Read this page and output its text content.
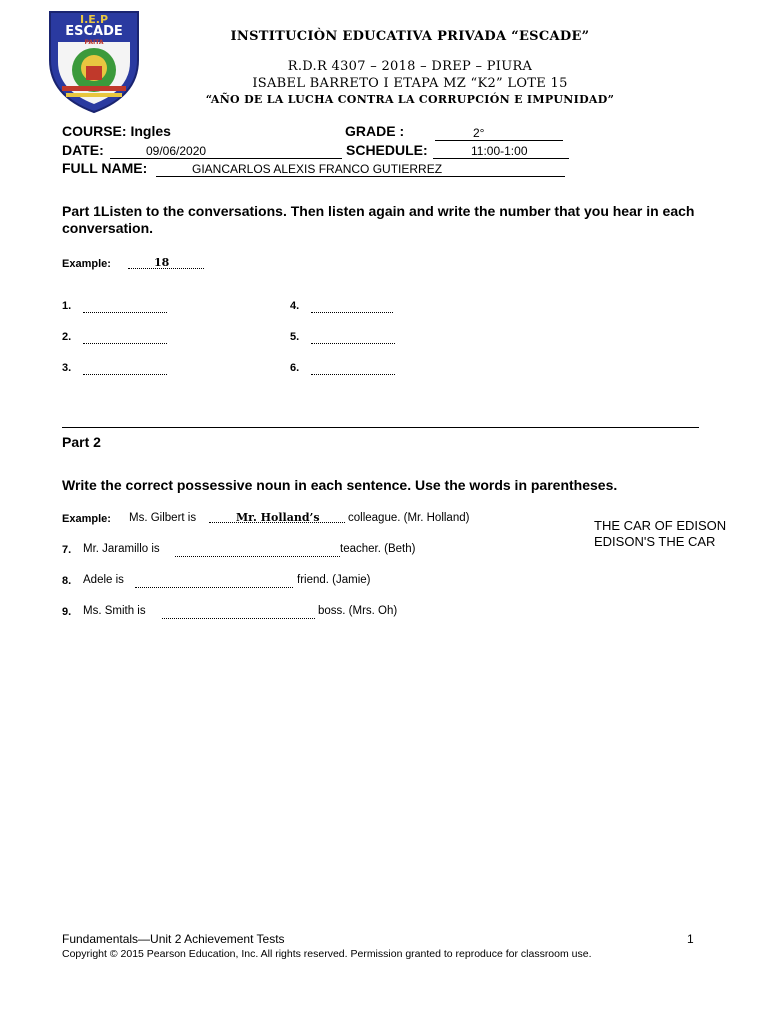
I.E.P
ESCADE
PAITA	INSTITUCIÒN EDUCATIVA PRIVADA “ESCADE”
R.D.R 4307 – 2018 – DREP – PIURA
ISABEL BARRETO I ETAPA MZ “K2” LOTE 15
“AÑO DE LA LUCHA CONTRA LA CORRUPCIÓN E IMPUNIDAD”
COURSE: Ingles	GRADE :	2°
DATE:	09/06/2020	SCHEDULE:	11:00-1:00
FULL NAME:	GIANCARLOS ALEXIS FRANCO GUTIERREZ
Part 1Listen to the conversations. Then listen again and write the number that you hear in each conversation.
Example:	18
1.
2.
3.
4.
5.
6.
Part 2
Write the correct possessive noun in each sentence. Use the words in parentheses.
Example: Ms. Gilbert is	Mr. Holland’s colleague. (Mr. Holland)
7. Mr. Jaramillo is	teacher. (Beth)
8. Adele is	friend. (Jamie)
9. Ms. Smith is	boss. (Mrs. Oh)
THE CAR OF EDISON
EDISON'S THE CAR
Fundamentals—Unit 2 Achievement Tests	1
Copyright © 2015 Pearson Education, Inc. All rights reserved. Permission granted to reproduce for classroom use.
